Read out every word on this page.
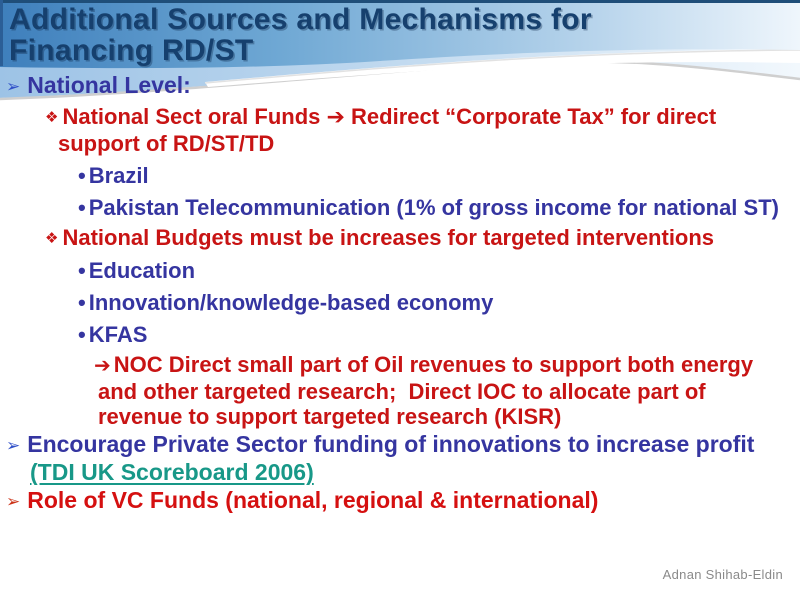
Additional Sources and Mechanisms for
Financing RD/ST
➢ National Level:
❖ National Sect oral Funds ➔ Redirect “Corporate Tax” for direct support of RD/ST/TD
• Brazil
• Pakistan Telecommunication (1% of gross income for national ST)
❖ National Budgets must be increases for targeted interventions
• Education
• Innovation/knowledge-based economy
• KFAS
➔ NOC Direct small part of Oil revenues to support both energy and other targeted research;  Direct IOC to allocate part of revenue to support targeted research (KISR)
➢ Encourage Private Sector funding of innovations to increase profit (TDI UK Scoreboard 2006)
➢ Role of VC Funds (national, regional & international)
Adnan Shihab-Eldin
